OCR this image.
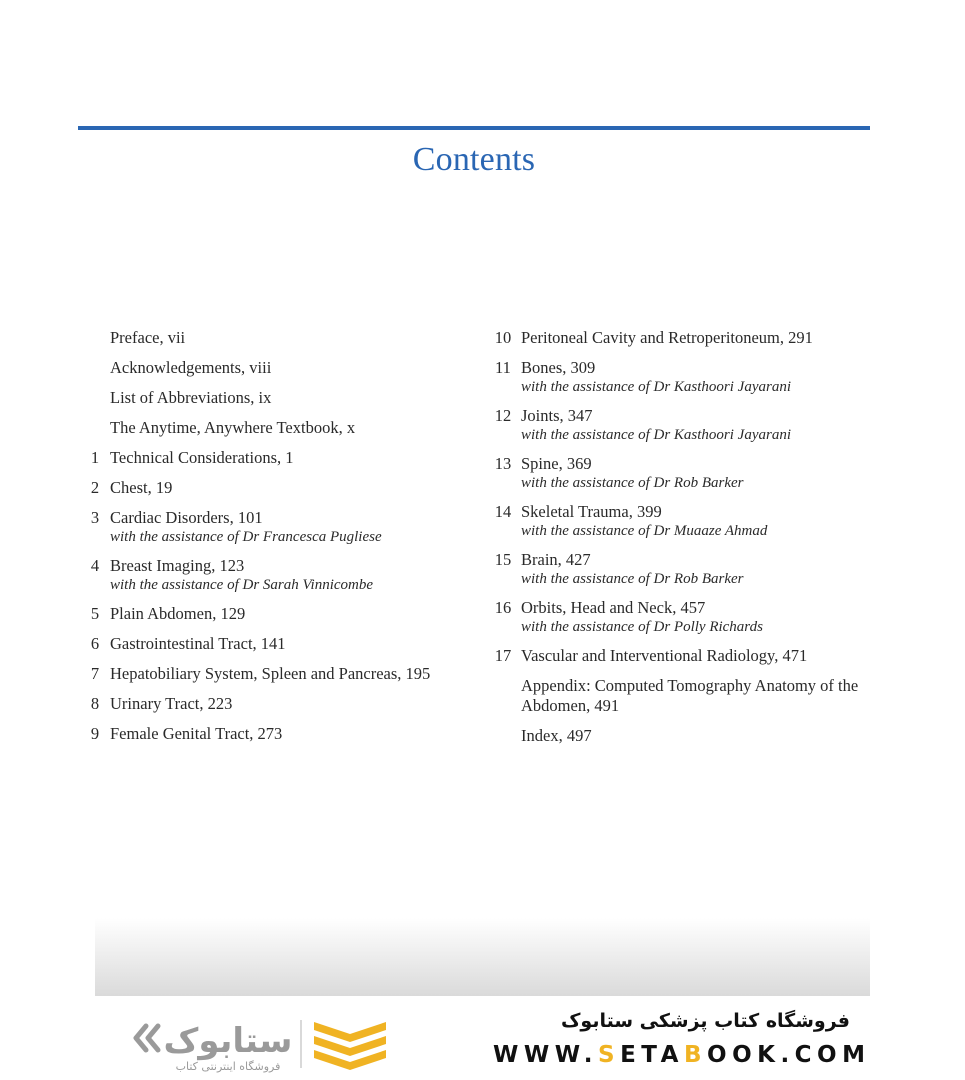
Contents
Preface, vii
Acknowledgements, viii
List of Abbreviations, ix
The Anytime, Anywhere Textbook, x
1 Technical Considerations, 1
2 Chest, 19
3 Cardiac Disorders, 101
with the assistance of Dr Francesca Pugliese
4 Breast Imaging, 123
with the assistance of Dr Sarah Vinnicombe
5 Plain Abdomen, 129
6 Gastrointestinal Tract, 141
7 Hepatobiliary System, Spleen and Pancreas, 195
8 Urinary Tract, 223
9 Female Genital Tract, 273
10 Peritoneal Cavity and Retroperitoneum, 291
11 Bones, 309
with the assistance of Dr Kasthoori Jayarani
12 Joints, 347
with the assistance of Dr Kasthoori Jayarani
13 Spine, 369
with the assistance of Dr Rob Barker
14 Skeletal Trauma, 399
with the assistance of Dr Muaaze Ahmad
15 Brain, 427
with the assistance of Dr Rob Barker
16 Orbits, Head and Neck, 457
with the assistance of Dr Polly Richards
17 Vascular and Interventional Radiology, 471
Appendix: Computed Tomography Anatomy of the Abdomen, 491
Index, 497
ستابوک
فروشگاه اینترنتی کتاب
فروشگاه کتاب پزشکی ستابوک
WWW.SETABOOK.COM
